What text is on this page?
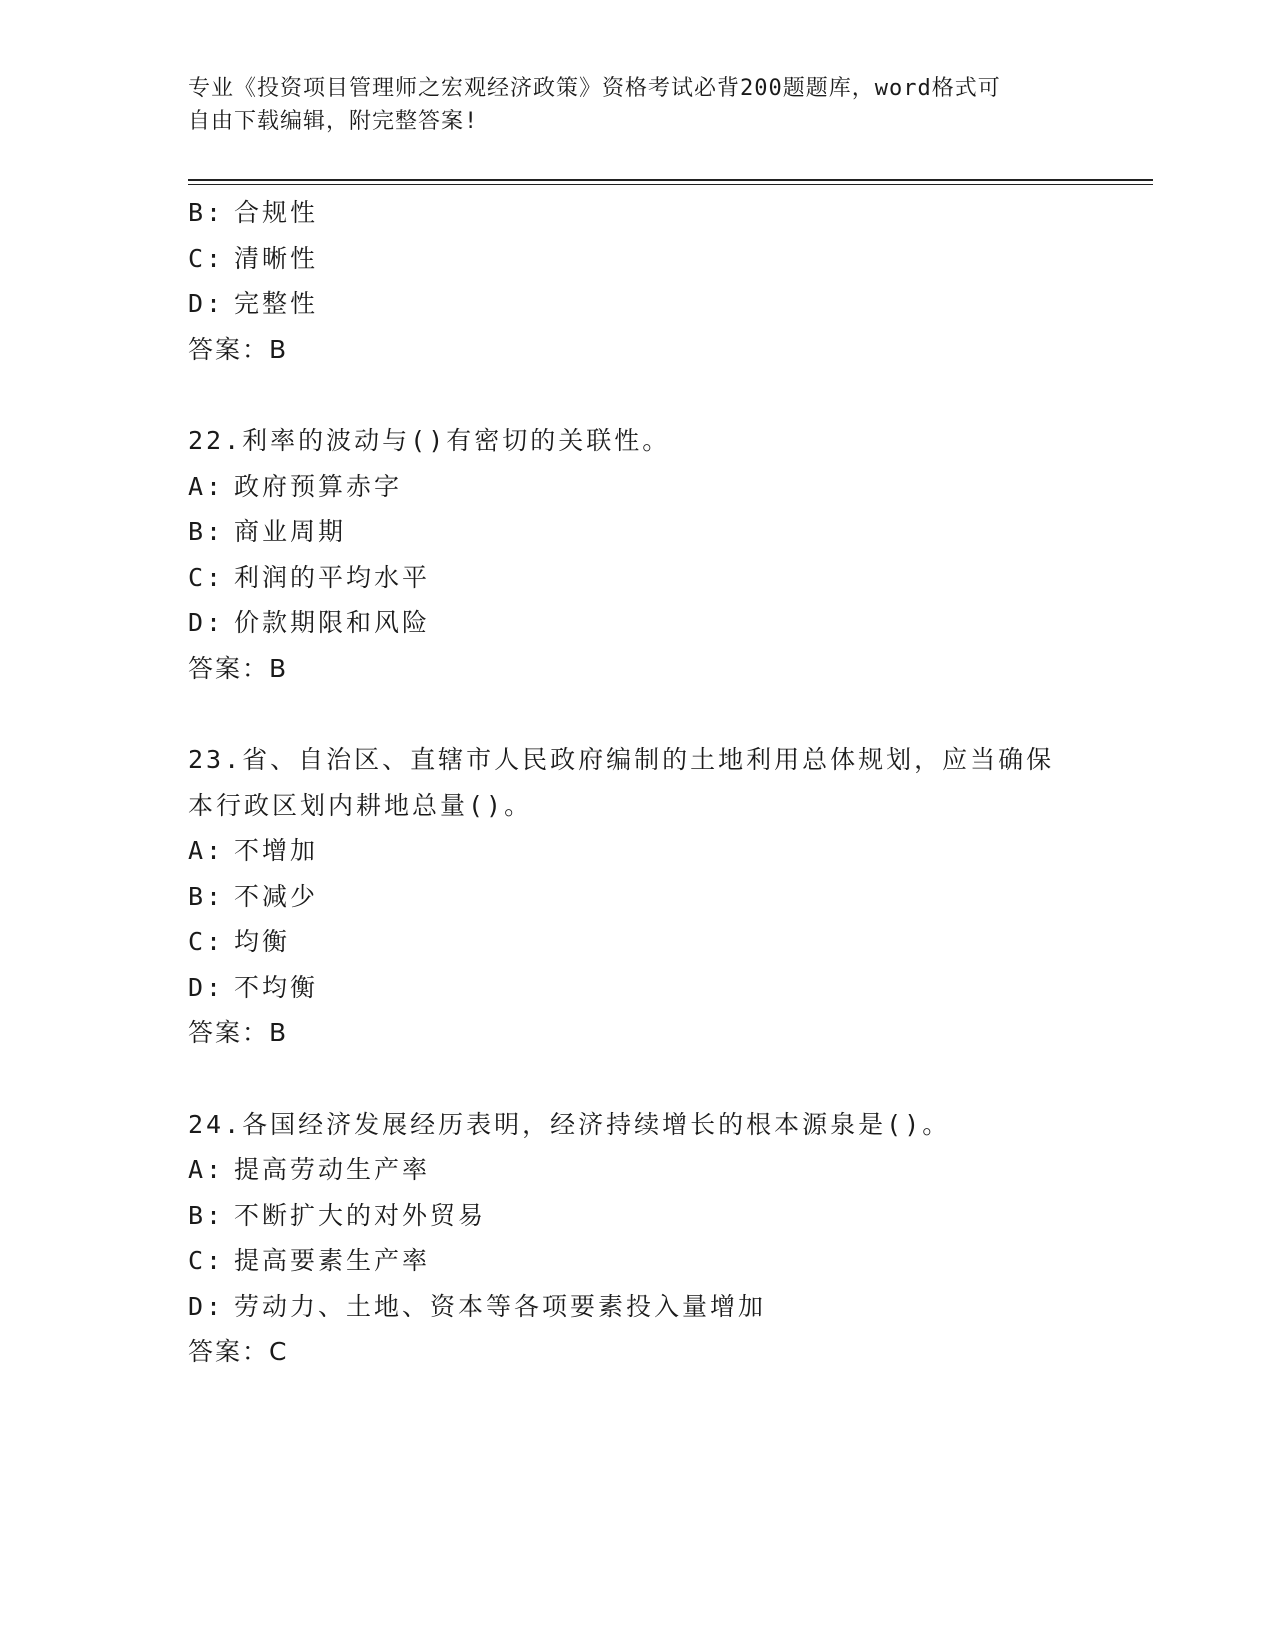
专业《投资项目管理师之宏观经济政策》资格考试必背200题题库，word格式可
自由下载编辑，附完整答案!
B: 合规性
C: 清晰性
D: 完整性
答案：B
22.利率的波动与()有密切的关联性。
A: 政府预算赤字
B: 商业周期
C: 利润的平均水平
D: 价款期限和风险
答案：B
23.省、自治区、直辖市人民政府编制的土地利用总体规划，应当确保
本行政区划内耕地总量()。
A: 不增加
B: 不减少
C: 均衡
D: 不均衡
答案：B
24.各国经济发展经历表明，经济持续增长的根本源泉是()。
A: 提高劳动生产率
B: 不断扩大的对外贸易
C: 提高要素生产率
D: 劳动力、土地、资本等各项要素投入量增加
答案：C
